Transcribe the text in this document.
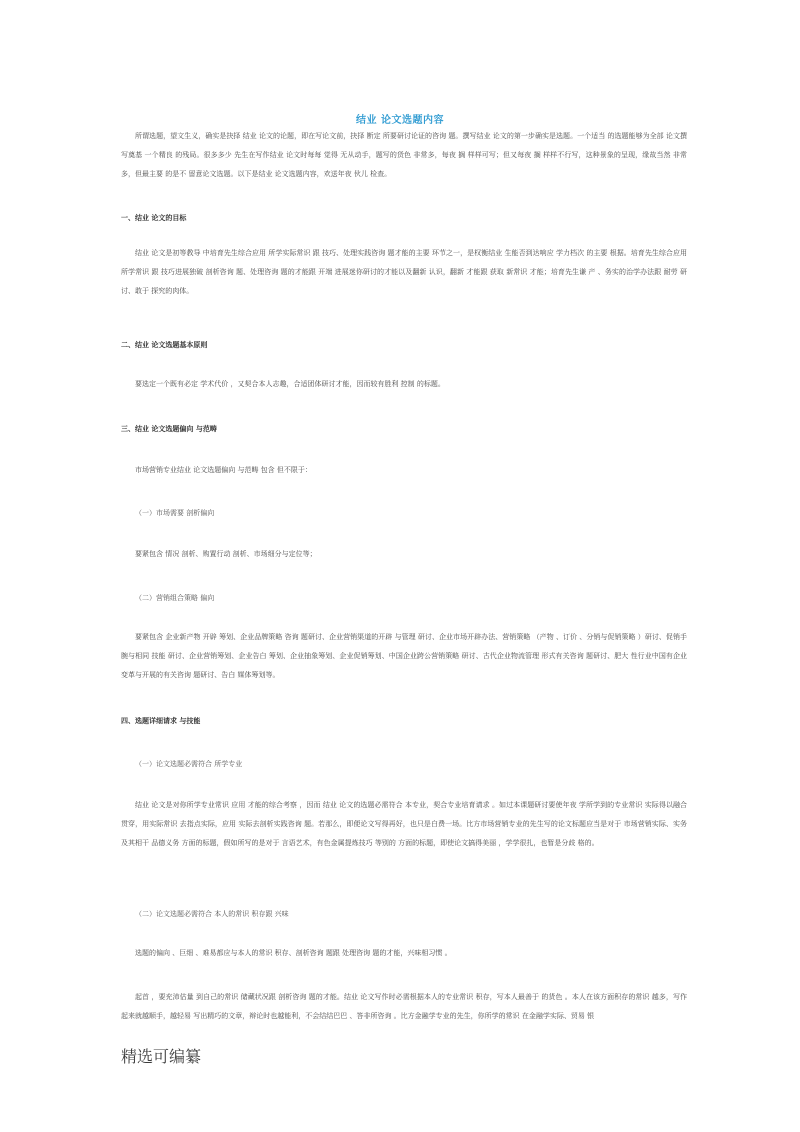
结业 论文选题内容

所谓选题，望文生义，确实是抉择 结业 论文的论题，即在写论文前，抉择 断定 所要研讨论证的咨询 题。撰写结业 论文的第一步确实是选题。一个适当 的选题能够为全部 论文撰写奠基 一个精良 的残局。很多多少 先生在写作结业 论文时每每 觉得 无从动手，题写的货色 非常多，每夜 搁 样样可写；但又每夜 搁 样样不行写，这种景象的呈现，缘故当然 非常多，但最主要 的是不 留意论文选题。以下是结业 论文选题内容，欢送年夜 伙儿 检查。

一、结业 论文的目标

结业 论文是初等教导 中培育先生综合应用 所学实际常识 跟 技巧、处理实践咨询 题才能的主要 环节之一，是权衡结业 生能否到达响应 学力档次 的主要 根据。培育先生综合应用 所学常识 跟 技巧进展独破 剖析咨询 题、处理咨询 题的才能跟 开端 进展迷你研讨的才能以及翻新 认识，翻新 才能跟 获取 新常识 才能；培育先生谦 产 、务实的治学办法跟 耐劳 研讨、敢于 探究的肉体。

二、结业 论文选题基本原则

要选定一个既有必定 学术代价 ，又契合本人志趣，合适团体研讨才能，因而较有胜利 控制 的标题。

三、结业 论文选题偏向 与范畴

市场营销专业结业 论文选题偏向 与范畴 包含 但不限于：

（一）市场需要 剖析偏向

要紧包含 情况 剖析、购置行动 剖析、市场细分与定位等；

（二）营销组合策略 偏向

要紧包含 企业新产物 开辟 筹划、企业品牌策略 咨询 题研讨、企业营销渠道的开辟 与管理 研讨、企业市场开辟办法、营销策略 （产物 、订价 、分销与促销策略 ）研讨、促销手腕与相同 技能 研讨、企业营销筹划、企业告白 筹划、企业抽象筹划、企业促销筹划、中国企业跨公营销策略 研讨、古代企业物流管理 形式有关咨询 题研讨、肥大 性行业中国有企业变革与开展的有关咨询 题研讨、告白 媒体筹划等。

四、选题详细请求 与技能

（一）论文选题必需符合 所学专业

结业 论文是对你所学专业常识 应用 才能的综合考察 ，因而 结业 论文的选题必需符合 本专业，契合专业培育请求 。如过本课题研讨要使年夜 学所学到的专业常识 实际得以融合 贯穿，用实际常识 去指点实际，应用 实际去剖析实践咨询 题。若那么，即便论文写得再好，也只是白费一场。比方市场营销专业的先生写的论文标题应当是对于 市场营销实际、实务及其相干 品德义务 方面的标题，假如所写的是对于 言语艺术，有色金属提炼技巧 等别的 方面的标题，即使论文搞得美丽 ，学学很扎，也暂是分歧 格的。

（二）论文选题必需符合 本人的常识 积存跟 兴味

选题的偏向 、巨细 、难易都应与本人的常识 积存、剖析咨询 题跟 处理咨询 题的才能，兴味相习惯 。

起首 ，要充沛估量 到自己的常识 储藏状况跟 剖析咨询 题的才能。结业 论文写作时必需根据本人的专业常识 积存，写本人最善于 的货色 。本人在该方面积存的常识 越多，写作起来就越顺手，越轻易 写出精巧的文章，辩论时也越能利，不会结结巴巴 、答非所咨询 。比方金融学专业的先生，你所学的常识 在金融学实际、贸易 银

精选可编纂
